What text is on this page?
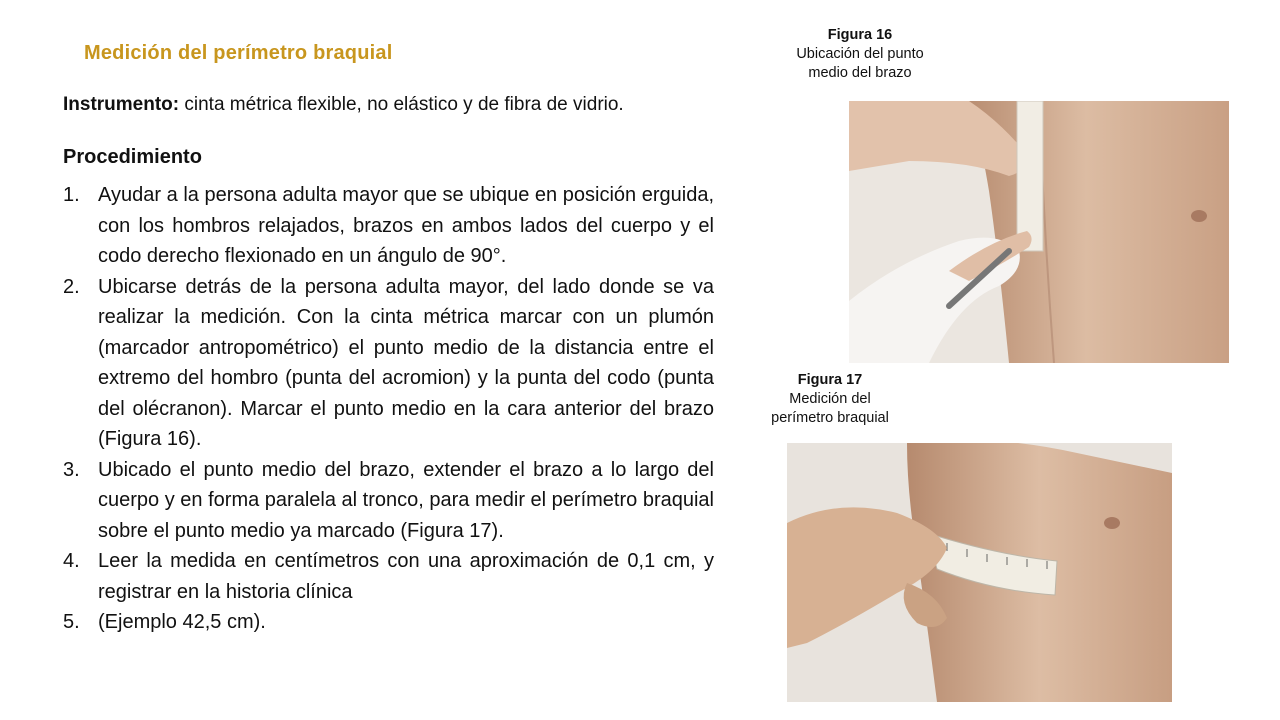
Medición del perímetro braquial
Instrumento: cinta métrica flexible, no elástico y de fibra de vidrio.
Procedimiento
1. Ayudar a la persona adulta mayor que se ubique en posición erguida, con los hombros relajados, brazos en ambos lados del cuerpo y el codo derecho flexionado en un ángulo de 90°.
2. Ubicarse detrás de la persona adulta mayor, del lado donde se va realizar la medición. Con la cinta métrica marcar con un plumón (marcador antropométrico) el punto medio de la distancia entre el extremo del hombro (punta del acromion) y la punta del codo (punta del olécranon). Marcar el punto medio en la cara anterior del brazo (Figura 16).
3. Ubicado el punto medio del brazo, extender el brazo a lo largo del cuerpo y en forma paralela al tronco, para medir el perímetro braquial sobre el punto medio ya marcado (Figura 17).
4. Leer la medida en centímetros con una aproximación de 0,1 cm, y registrar en la historia clínica
5. (Ejemplo 42,5 cm).
Figura 16
Ubicación del punto
medio del brazo
Figura 17
Medición del
perímetro braquial
